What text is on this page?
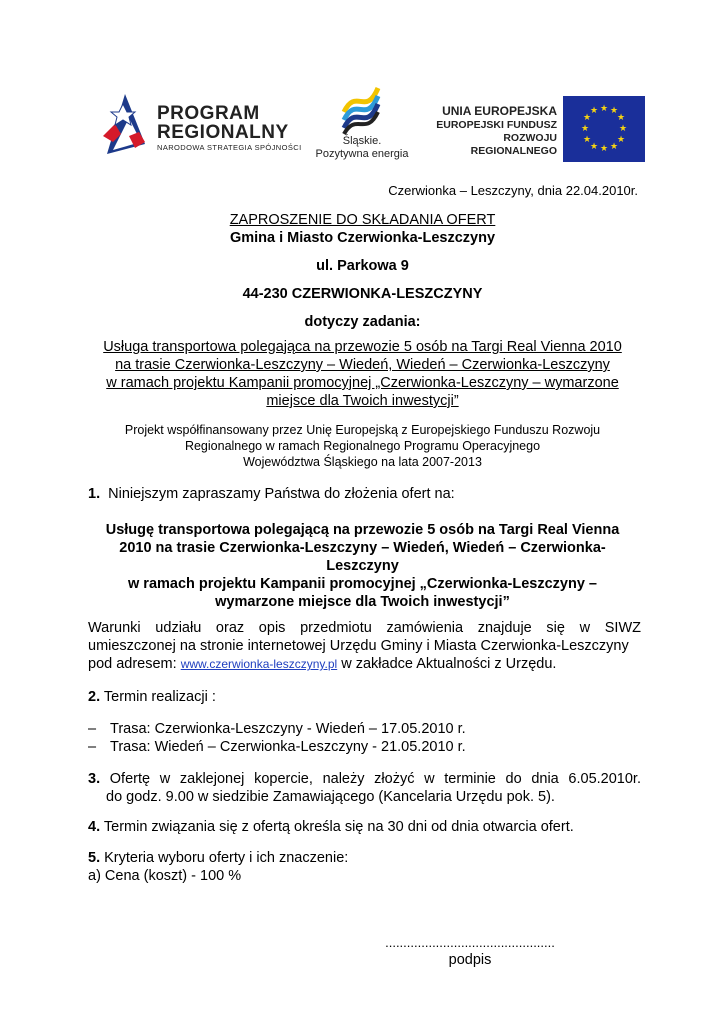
PROGRAM
REGIONALNY
NARODOWA STRATEGIA SPÓJNOŚCI
Śląskie.
Pozytywna energia
UNIA EUROPEJSKA
EUROPEJSKI FUNDUSZ
ROZWOJU REGIONALNEGO
★ ★
★
★
★
★
★
★
★
★
★
★
Czerwionka – Leszczyny, dnia 22.04.2010r.
ZAPROSZENIE DO SKŁADANIA OFERT
Gmina i Miasto Czerwionka-Leszczyny
ul. Parkowa 9
44-230 CZERWIONKA-LESZCZYNY
dotyczy zadania:
Usługa transportowa polegająca na przewozie 5 osób na Targi Real Vienna 2010
na trasie Czerwionka-Leszczyny – Wiedeń, Wiedeń – Czerwionka-Leszczyny
w ramach projektu Kampanii promocyjnej „Czerwionka-Leszczyny – wymarzone
miejsce dla Twoich inwestycji”
Projekt współfinansowany przez Unię Europejską z Europejskiego Funduszu Rozwoju
Regionalnego w ramach Regionalnego Programu Operacyjnego
Województwa Śląskiego na lata 2007-2013
1. Niniejszym zapraszamy Państwa do złożenia ofert na:
Usługę transportowa polegającą na przewozie 5 osób na Targi Real Vienna
2010 na trasie Czerwionka-Leszczyny – Wiedeń, Wiedeń – Czerwionka-
Leszczyny
w ramach projektu Kampanii promocyjnej „Czerwionka-Leszczyny –
wymarzone miejsce dla Twoich inwestycji”
Warunki udziału oraz opis przedmiotu zamówienia znajduje się w SIWZ
umieszczonej na stronie internetowej Urzędu Gminy i Miasta Czerwionka-Leszczyny
pod adresem: www.czerwionka-leszczyny.pl w zakładce Aktualności z Urzędu.
2. Termin realizacji :
– Trasa: Czerwionka-Leszczyny - Wiedeń – 17.05.2010 r.
– Trasa: Wiedeń – Czerwionka-Leszczyny - 21.05.2010 r.
3. Ofertę w zaklejonej kopercie, należy złożyć w terminie do dnia 6.05.2010r.
do godz. 9.00 w siedzibie Zamawiającego (Kancelaria Urzędu pok. 5).
4. Termin związania się z ofertą określa się na 30 dni od dnia otwarcia ofert.
5. Kryteria wyboru oferty i ich znaczenie:
a) Cena (koszt) - 100 %
...............................................
podpis
